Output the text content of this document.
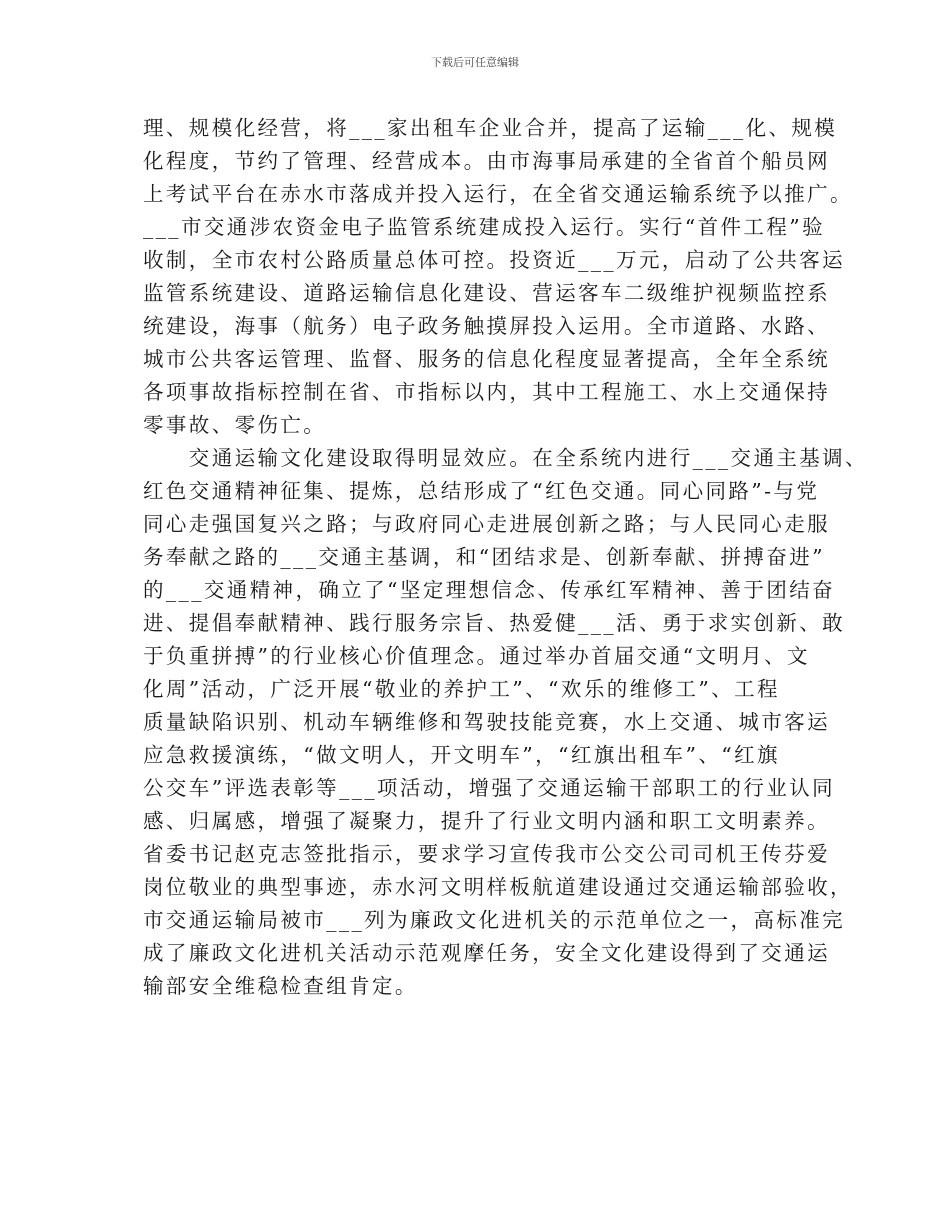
下载后可任意编辑
理、规模化经营，将___家出租车企业合并，提高了运输___化、规模
化程度，节约了管理、经营成本。由市海事局承建的全省首个船员网
上考试平台在赤水市落成并投入运行，在全省交通运输系统予以推广。
___市交通涉农资金电子监管系统建成投入运行。实行“首件工程”验
收制，全市农村公路质量总体可控。投资近___万元，启动了公共客运
监管系统建设、道路运输信息化建设、营运客车二级维护视频监控系
统建设，海事（航务）电子政务触摸屏投入运用。全市道路、水路、
城市公共客运管理、监督、服务的信息化程度显著提高，全年全系统
各项事故指标控制在省、市指标以内，其中工程施工、水上交通保持
零事故、零伤亡。
　　交通运输文化建设取得明显效应。在全系统内进行___交通主基调、
红色交通精神征集、提炼，总结形成了“红色交通。同心同路”-与党
同心走强国复兴之路；与政府同心走进展创新之路；与人民同心走服
务奉献之路的___交通主基调，和“团结求是、创新奉献、拼搏奋进”
的___交通精神，确立了“坚定理想信念、传承红军精神、善于团结奋
进、提倡奉献精神、践行服务宗旨、热爱健___活、勇于求实创新、敢
于负重拼搏”的行业核心价值理念。通过举办首届交通“文明月、文
化周”活动，广泛开展“敬业的养护工”、“欢乐的维修工”、工程
质量缺陷识别、机动车辆维修和驾驶技能竞赛，水上交通、城市客运
应急救援演练，“做文明人，开文明车”，“红旗出租车”、“红旗
公交车”评选表彰等___项活动，增强了交通运输干部职工的行业认同
感、归属感，增强了凝聚力，提升了行业文明内涵和职工文明素养。
省委书记赵克志签批指示，要求学习宣传我市公交公司司机王传芬爱
岗位敬业的典型事迹，赤水河文明样板航道建设通过交通运输部验收，
市交通运输局被市___列为廉政文化进机关的示范单位之一，高标准完
成了廉政文化进机关活动示范观摩任务，安全文化建设得到了交通运
输部安全维稳检查组肯定。
